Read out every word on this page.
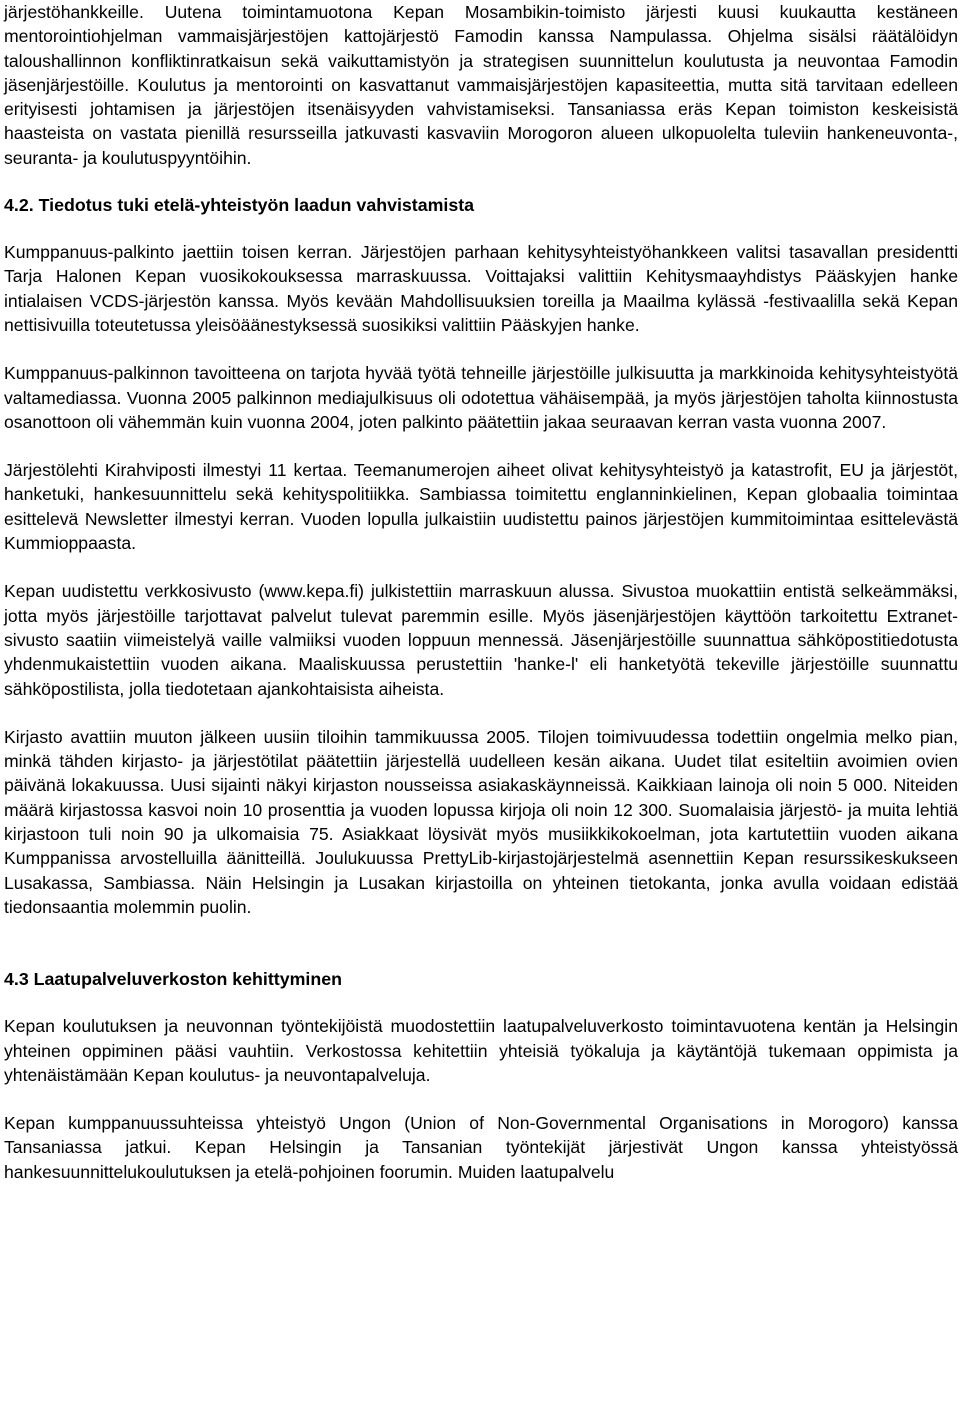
järjestöhankkeille. Uutena toimintamuotona Kepan Mosambikin-toimisto järjesti kuusi kuukautta kestäneen mentorointiohjelman vammaisjärjestöjen kattojärjestö Famodin kanssa Nampulassa. Ohjelma sisälsi räätälöidyn taloushallinnon konfliktinratkaisun sekä vaikuttamistyön ja strategisen suunnittelun koulutusta ja neuvontaa Famodin jäsenjärjestöille. Koulutus ja mentorointi on kasvattanut vammaisjärjestöjen kapasiteettia, mutta sitä tarvitaan edelleen erityisesti johtamisen ja järjestöjen itsenäisyyden vahvistamiseksi. Tansaniassa eräs Kepan toimiston keskeisistä haasteista on vastata pienillä resursseilla jatkuvasti kasvaviin Morogoron alueen ulkopuolelta tuleviin hankeneuvonta-, seuranta- ja koulutuspyyntöihin.

4.2. Tiedotus tuki etelä-yhteistyön laadun vahvistamista

Kumppanuus-palkinto jaettiin toisen kerran. Järjestöjen parhaan kehitysyhteistyöhankkeen valitsi tasavallan presidentti Tarja Halonen Kepan vuosikokouksessa marraskuussa. Voittajaksi valittiin Kehitysmaayhdistys Pääskyjen hanke intialaisen VCDS-järjestön kanssa. Myös kevään Mahdollisuuksien toreilla ja Maailma kylässä -festivaalilla sekä Kepan nettisivuilla toteutetussa yleisöäänestyksessä suosikiksi valittiin Pääskyjen hanke.

Kumppanuus-palkinnon tavoitteena on tarjota hyvää työtä tehneille järjestöille julkisuutta ja markkinoida kehitysyhteistyötä valtamediassa. Vuonna 2005 palkinnon mediajulkisuus oli odotettua vähäisempää, ja myös järjestöjen taholta kiinnostusta osanottoon oli vähemmän kuin vuonna 2004, joten palkinto päätettiin jakaa seuraavan kerran vasta vuonna 2007.

Järjestölehti Kirahviposti ilmestyi 11 kertaa. Teemanumerojen aiheet olivat kehitysyhteistyö ja katastrofit, EU ja järjestöt, hanketuki, hankesuunnittelu sekä kehityspolitiikka. Sambiassa toimitettu englanninkielinen, Kepan globaalia toimintaa esittelevä Newsletter ilmestyi kerran. Vuoden lopulla julkaistiin uudistettu painos järjestöjen kummitoimintaa esittelevästä Kummioppaasta.

Kepan uudistettu verkkosivusto (www.kepa.fi) julkistettiin marraskuun alussa. Sivustoa muokattiin entistä selkeämmäksi, jotta myös järjestöille tarjottavat palvelut tulevat paremmin esille. Myös jäsenjärjestöjen käyttöön tarkoitettu Extranet-sivusto saatiin viimeistelyä vaille valmiiksi vuoden loppuun mennessä. Jäsenjärjestöille suunnattua sähköpostitiedotusta yhdenmukaistettiin vuoden aikana. Maaliskuussa perustettiin 'hanke-l' eli hanketyötä tekeville järjestöille suunnattu sähköpostilista, jolla tiedotetaan ajankohtaisista aiheista.

Kirjasto avattiin muuton jälkeen uusiin tiloihin tammikuussa 2005. Tilojen toimivuudessa todettiin ongelmia melko pian, minkä tähden kirjasto- ja järjestötilat päätettiin järjestellä uudelleen kesän aikana. Uudet tilat esiteltiin avoimien ovien päivänä lokakuussa. Uusi sijainti näkyi kirjaston nousseissa asiakaskäynneissä. Kaikkiaan lainoja oli noin 5 000. Niteiden määrä kirjastossa kasvoi noin 10 prosenttia ja vuoden lopussa kirjoja oli noin 12 300. Suomalaisia järjestö- ja muita lehtiä kirjastoon tuli noin 90 ja ulkomaisia 75. Asiakkaat löysivät myös musiikkikokoelman, jota kartutettiin vuoden aikana Kumppanissa arvostelluilla äänitteillä. Joulukuussa PrettyLib-kirjastojärjestelmä asennettiin Kepan resurssikeskukseen Lusakassa, Sambiassa. Näin Helsingin ja Lusakan kirjastoilla on yhteinen tietokanta, jonka avulla voidaan edistää tiedonsaantia molemmin puolin.

4.3 Laatupalveluverkoston kehittyminen

Kepan koulutuksen ja neuvonnan työntekijöistä muodostettiin laatupalveluverkosto toimintavuotena kentän ja Helsingin yhteinen oppiminen pääsi vauhtiin. Verkostossa kehitettiin yhteisiä työkaluja ja käytäntöjä tukemaan oppimista ja yhtenäistämään Kepan koulutus- ja neuvontapalveluja.

Kepan kumppanuussuhteissa yhteistyö Ungon (Union of Non-Governmental Organisations in Morogoro) kanssa Tansaniassa jatkui. Kepan Helsingin ja Tansanian työntekijät järjestivät Ungon kanssa yhteistyössä hankesuunnittelukoulutuksen ja etelä-pohjoinen foorumin. Muiden laatupalvelu
